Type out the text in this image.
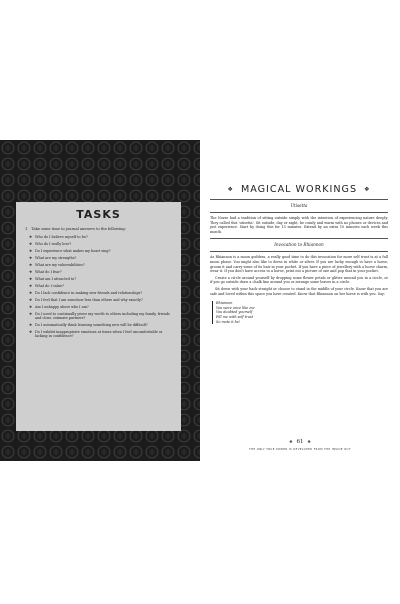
TASKS

1. Take some time to journal answers to the following:

❖ Who do I believe myself to be?
❖ Who do I really love?
❖ Do I experience what makes my heart sing?
❖ What are my strengths?
❖ What are my vulnerabilities?
❖ What do I fear?
❖ What am I attracted to?
❖ What do I value?
❖ Do I lack confidence in making new friends and relationships?
❖ Do I feel that I am somehow less than others and why exactly?
❖ Am I unhappy about who I am?
❖ Do I need to continually prove my worth to others including my family, friends and close, intimate partners?
❖ Do I automatically think learning something new will be difficult?
❖ Do I exhibit inappropriate emotions at times when I feel uncomfortable or lacking in confidence?
❖ MAGICAL WORKINGS ❖
Utisetta

The Norse had a tradition of sitting outside simply with the intention of experiencing nature deeply. They called this 'utisetta'. Sit outside, day or night, be comfy and warm with no phones or devices and just experience. Start by doing this for 15 minutes. Extend by an extra 10 minutes each week this month.

Invocation to Rhiannon

As Rhiannon is a moon goddess, a really good time to do this invocation for more self trust is at a full moon phase. You might also like to dress in white or silver. If you are lucky enough to have a horse, groom it and carry some of its hair in your pocket. If you have a piece of jewellery with a horse charm, wear it. If you don't have access to a horse, print out a picture of one and pop that in your pocket.

Create a circle around yourself by dropping some flower petals or glitter around you in a circle, or if you go outside draw a chalk line around you or arrange some leaves in a circle.

Sit down with your back straight or choose to stand in the middle of your circle. Know that you are safe and loved within this space you have created. Know that Rhiannon on her horse is with you. Say:

Rhiannon
You were once like me
You doubted yourself
Fill me with self trust
So mote it be!
❖ 61 ❖
THE ONLY TRUE POWER IS DEVELOPED FROM THE INSIDE OUT
